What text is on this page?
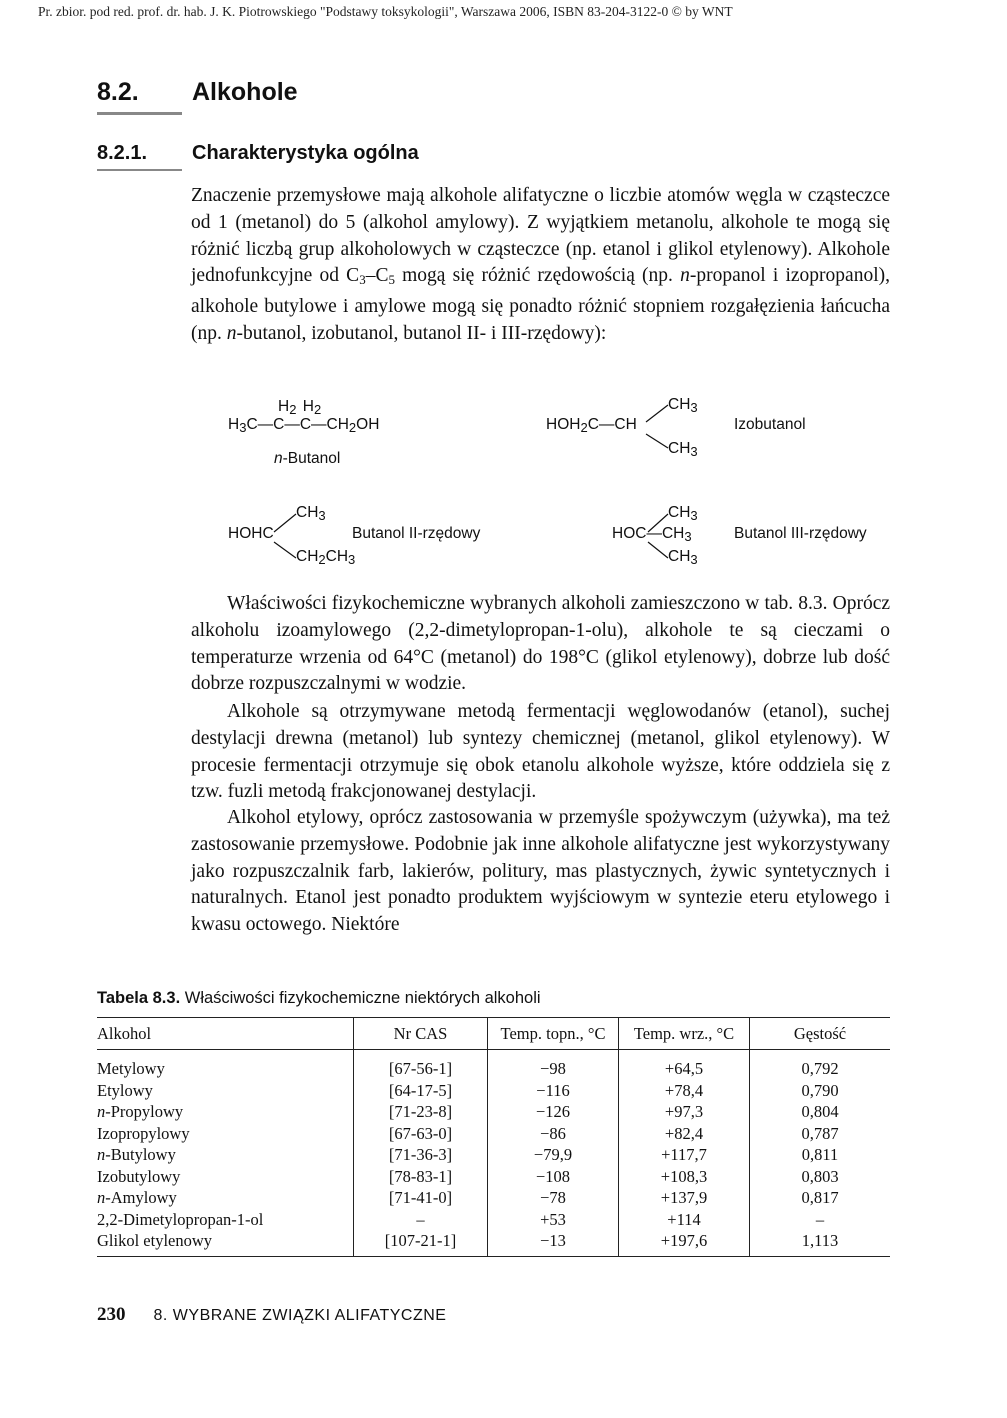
Pr. zbior. pod red. prof. dr. hab. J. K. Piotrowskiego "Podstawy toksykologii", Warszawa 2006, ISBN 83-204-3122-0 © by WNT
8.2. Alkohole
8.2.1. Charakterystyka ogólna

Znaczenie przemysłowe mają alkohole alifatyczne o liczbie atomów węgla w cząsteczce od 1 (metanol) do 5 (alkohol amylowy). Z wyjątkiem metanolu, alkohole te mogą się różnić liczbą grup alkoholowych w cząsteczce (np. etanol i glikol etylenowy). Alkohole jednofunkcyjne od $C_3-C_5$ mogą się różnić rzędowością (np. n-propanol i izopropanol), alkohole butylowe i amylowe mogą się ponadto różnić stopniem rozgałęzienia łańcucha (np. n-butanol, izobutanol, butanol II- i III-rzędowy):

$H_2$ $H_2$
$H_3C—C—C—CH_2OH$
n-Butanol
$CH_3$
$HOH_2C—CH$
$CH_3$
Izobutanol
$CH_3$
HOHC
$CH_2CH_3$
Butanol II-rzędowy
$CH_3$
$HOC—CH_3$
$CH_3$
Butanol III-rzędowy

Właściwości fizykochemiczne wybranych alkoholi zamieszczono w tab. 8.3. Oprócz alkoholu izoamylowego (2,2-dimetylopropan-1-olu), alkohole te są cieczami o temperaturze wrzenia od 64°C (metanol) do 198°C (glikol etylenowy), dobrze lub dość dobrze rozpuszczalnymi w wodzie.

Alkohole są otrzymywane metodą fermentacji węglowodanów (etanol), suchej destylacji drewna (metanol) lub syntezy chemicznej (metanol, glikol etylenowy). W procesie fermentacji otrzymuje się obok etanolu alkohole wyższe, które oddziela się z tzw. fuzli metodą frakcjonowanej destylacji.

Alkohol etylowy, oprócz zastosowania w przemyśle spożywczym (używka), ma też zastosowanie przemysłowe. Podobnie jak inne alkohole alifatyczne jest wykorzystywany jako rozpuszczalnik farb, lakierów, politury, mas plastycznych, żywic syntetycznych i naturalnych. Etanol jest ponadto produktem wyjściowym w syntezie eteru etylowego i kwasu octowego. Niektóre

Tabela 8.3. Właściwości fizykochemiczne niektórych alkoholi
Alkohol	Nr CAS	Temp. topn., °C	Temp. wrz., °C	Gęstość
Metylowy	[67-56-1]	−98	+64,5	0,792
Etylowy	[64-17-5]	−116	+78,4	0,790
n-Propylowy	[71-23-8]	−126	+97,3	0,804
Izopropylowy	[67-63-0]	−86	+82,4	0,787
n-Butylowy	[71-36-3]	−79,9	+117,7	0,811
Izobutylowy	[78-83-1]	−108	+108,3	0,803
n-Amylowy	[71-41-0]	−78	+137,9	0,817
2,2-Dimetylopropan-1-ol	–	+53	+114	–
Glikol etylenowy	[107-21-1]	−13	+197,6	1,113
230 8. WYBRANE ZWIĄZKI ALIFATYCZNE
